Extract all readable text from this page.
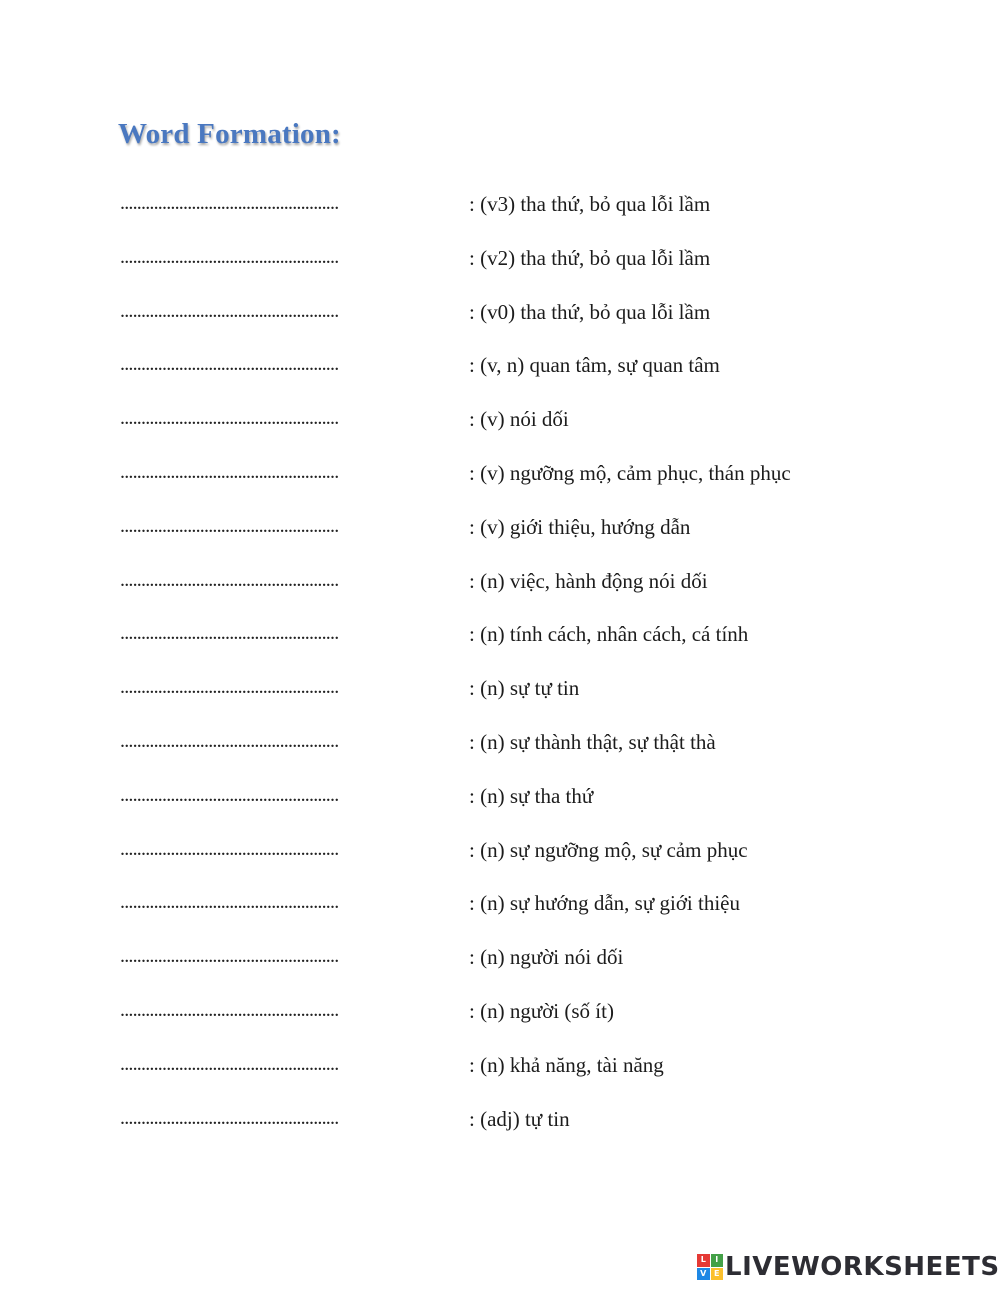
Word Formation:
....................................................	: (v3) tha thứ, bỏ qua lỗi lầm
....................................................	: (v2) tha thứ, bỏ qua lỗi lầm
....................................................	: (v0) tha thứ, bỏ qua lỗi lầm
....................................................	: (v, n) quan tâm, sự quan tâm
....................................................	: (v) nói dối
....................................................	: (v) ngưỡng mộ, cảm phục, thán phục
....................................................	: (v) giới thiệu, hướng dẫn
....................................................	: (n) việc, hành động nói dối
....................................................	: (n) tính cách, nhân cách, cá tính
....................................................	: (n) sự tự tin
....................................................	: (n) sự thành thật, sự thật thà
....................................................	: (n) sự tha thứ
....................................................	: (n) sự ngưỡng mộ, sự cảm phục
....................................................	: (n) sự hướng dẫn, sự giới thiệu
....................................................	: (n) người nói dối
....................................................	: (n) người (số ít)
....................................................	: (n) khả năng, tài năng
....................................................	: (adj) tự tin
L	I
V E LIVEWORKSHEETS
